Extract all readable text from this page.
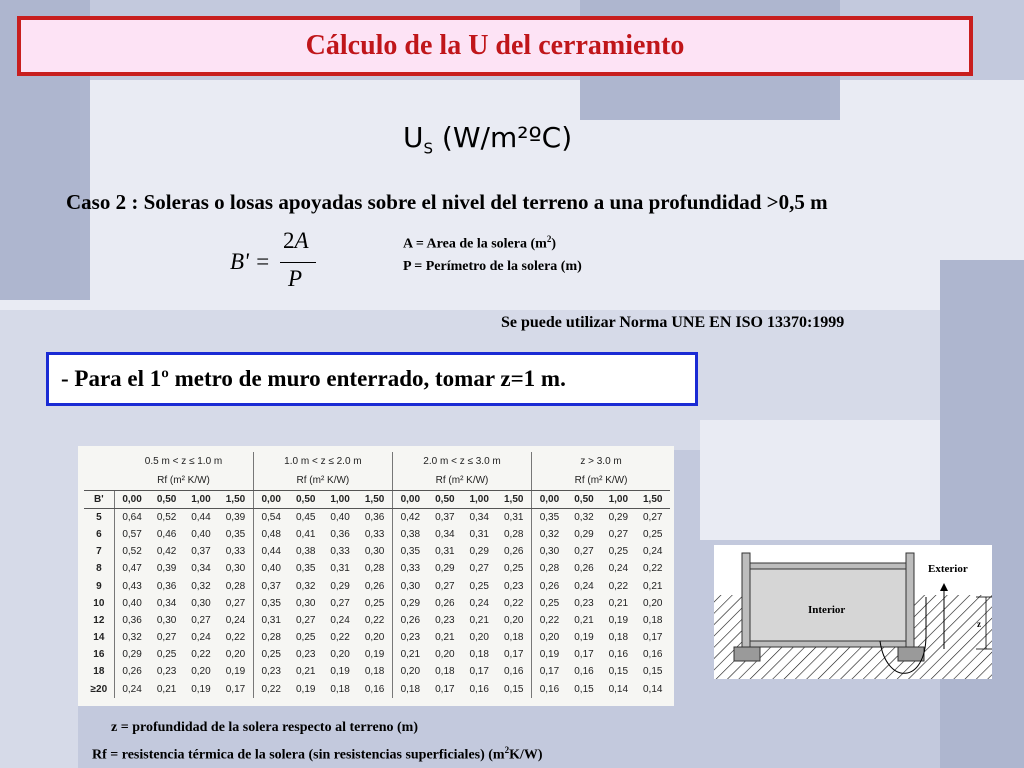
Cálculo de la U del cerramiento
$U_S$ (W/m²ºC)
Caso 2 : Soleras o losas apoyadas sobre el nivel del terreno a una profundidad >0,5 m
B' =
2A
P
A = Area de la solera $(m^2)$
P = Perímetro de la solera (m)
Se puede utilizar Norma UNE EN ISO 13370:1999
- Para el 1º metro de muro enterrado, tomar z=1 m.
	0.5 m < z ≤ 1.0 m				1.0 m < z ≤ 2.0 m				2.0 m < z ≤ 3.0 m				z > 3.0 m			
	Rf (m² K/W)				Rf (m² K/W)				Rf (m² K/W)				Rf (m² K/W)			
B'	0,00	0,50	1,00	1,50	0,00	0,50	1,00	1,50	0,00	0,50	1,00	1,50	0,00	0,50	1,00	1,50
5	0,64	0,52	0,44	0,39	0,54	0,45	0,40	0,36	0,42	0,37	0,34	0,31	0,35	0,32	0,29	0,27
6	0,57	0,46	0,40	0,35	0,48	0,41	0,36	0,33	0,38	0,34	0,31	0,28	0,32	0,29	0,27	0,25
7	0,52	0,42	0,37	0,33	0,44	0,38	0,33	0,30	0,35	0,31	0,29	0,26	0,30	0,27	0,25	0,24
8	0,47	0,39	0,34	0,30	0,40	0,35	0,31	0,28	0,33	0,29	0,27	0,25	0,28	0,26	0,24	0,22
9	0,43	0,36	0,32	0,28	0,37	0,32	0,29	0,26	0,30	0,27	0,25	0,23	0,26	0,24	0,22	0,21
10	0,40	0,34	0,30	0,27	0,35	0,30	0,27	0,25	0,29	0,26	0,24	0,22	0,25	0,23	0,21	0,20
12	0,36	0,30	0,27	0,24	0,31	0,27	0,24	0,22	0,26	0,23	0,21	0,20	0,22	0,21	0,19	0,18
14	0,32	0,27	0,24	0,22	0,28	0,25	0,22	0,20	0,23	0,21	0,20	0,18	0,20	0,19	0,18	0,17
16	0,29	0,25	0,22	0,20	0,25	0,23	0,20	0,19	0,21	0,20	0,18	0,17	0,19	0,17	0,16	0,16
18	0,26	0,23	0,20	0,19	0,23	0,21	0,19	0,18	0,20	0,18	0,17	0,16	0,17	0,16	0,15	0,15
≥20	0,24	0,21	0,19	0,17	0,22	0,19	0,18	0,16	0,18	0,17	0,16	0,15	0,16	0,15	0,14	0,14
Exterior
Interior
z
z = profundidad de la solera respecto al terreno (m)
Rf = resistencia térmica de la solera (sin resistencias superficiales) $(m^2K/W)$
